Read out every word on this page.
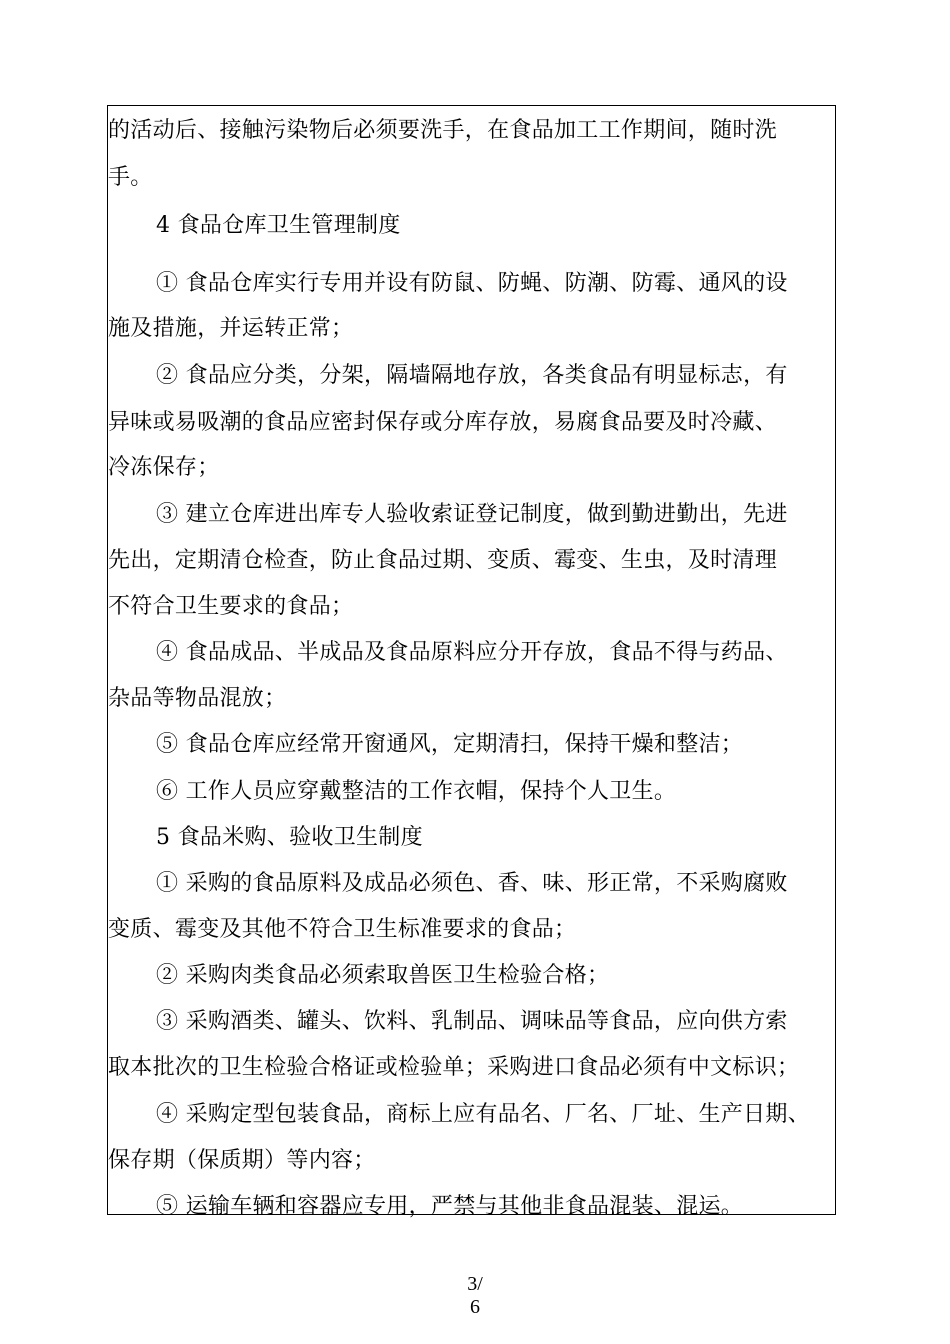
的活动后、接触污染物后必须要洗手，在食品加工工作期间，随时洗
手。
4 食品仓库卫生管理制度
① 食品仓库实行专用并设有防鼠、防蝇、防潮、防霉、通风的设
施及措施，并运转正常；
② 食品应分类，分架，隔墙隔地存放，各类食品有明显标志，有
异味或易吸潮的食品应密封保存或分库存放，易腐食品要及时冷藏、
冷冻保存；
③ 建立仓库进出库专人验收索证登记制度，做到勤进勤出，先进
先出，定期清仓检查，防止食品过期、变质、霉变、生虫，及时清理
不符合卫生要求的食品；
④ 食品成品、半成品及食品原料应分开存放，食品不得与药品、
杂品等物品混放；
⑤ 食品仓库应经常开窗通风，定期清扫，保持干燥和整洁；
⑥ 工作人员应穿戴整洁的工作衣帽，保持个人卫生。
5 食品米购、验收卫生制度
① 采购的食品原料及成品必须色、香、味、形正常，不采购腐败
变质、霉变及其他不符合卫生标准要求的食品；
② 采购肉类食品必须索取兽医卫生检验合格；
③ 采购酒类、罐头、饮料、乳制品、调味品等食品，应向供方索
取本批次的卫生检验合格证或检验单；采购进口食品必须有中文标识；
④ 采购定型包装食品，商标上应有品名、厂名、厂址、生产日期、
保存期（保质期）等内容；
⑤ 运输车辆和容器应专用，严禁与其他非食品混装、混运。
3/
6
